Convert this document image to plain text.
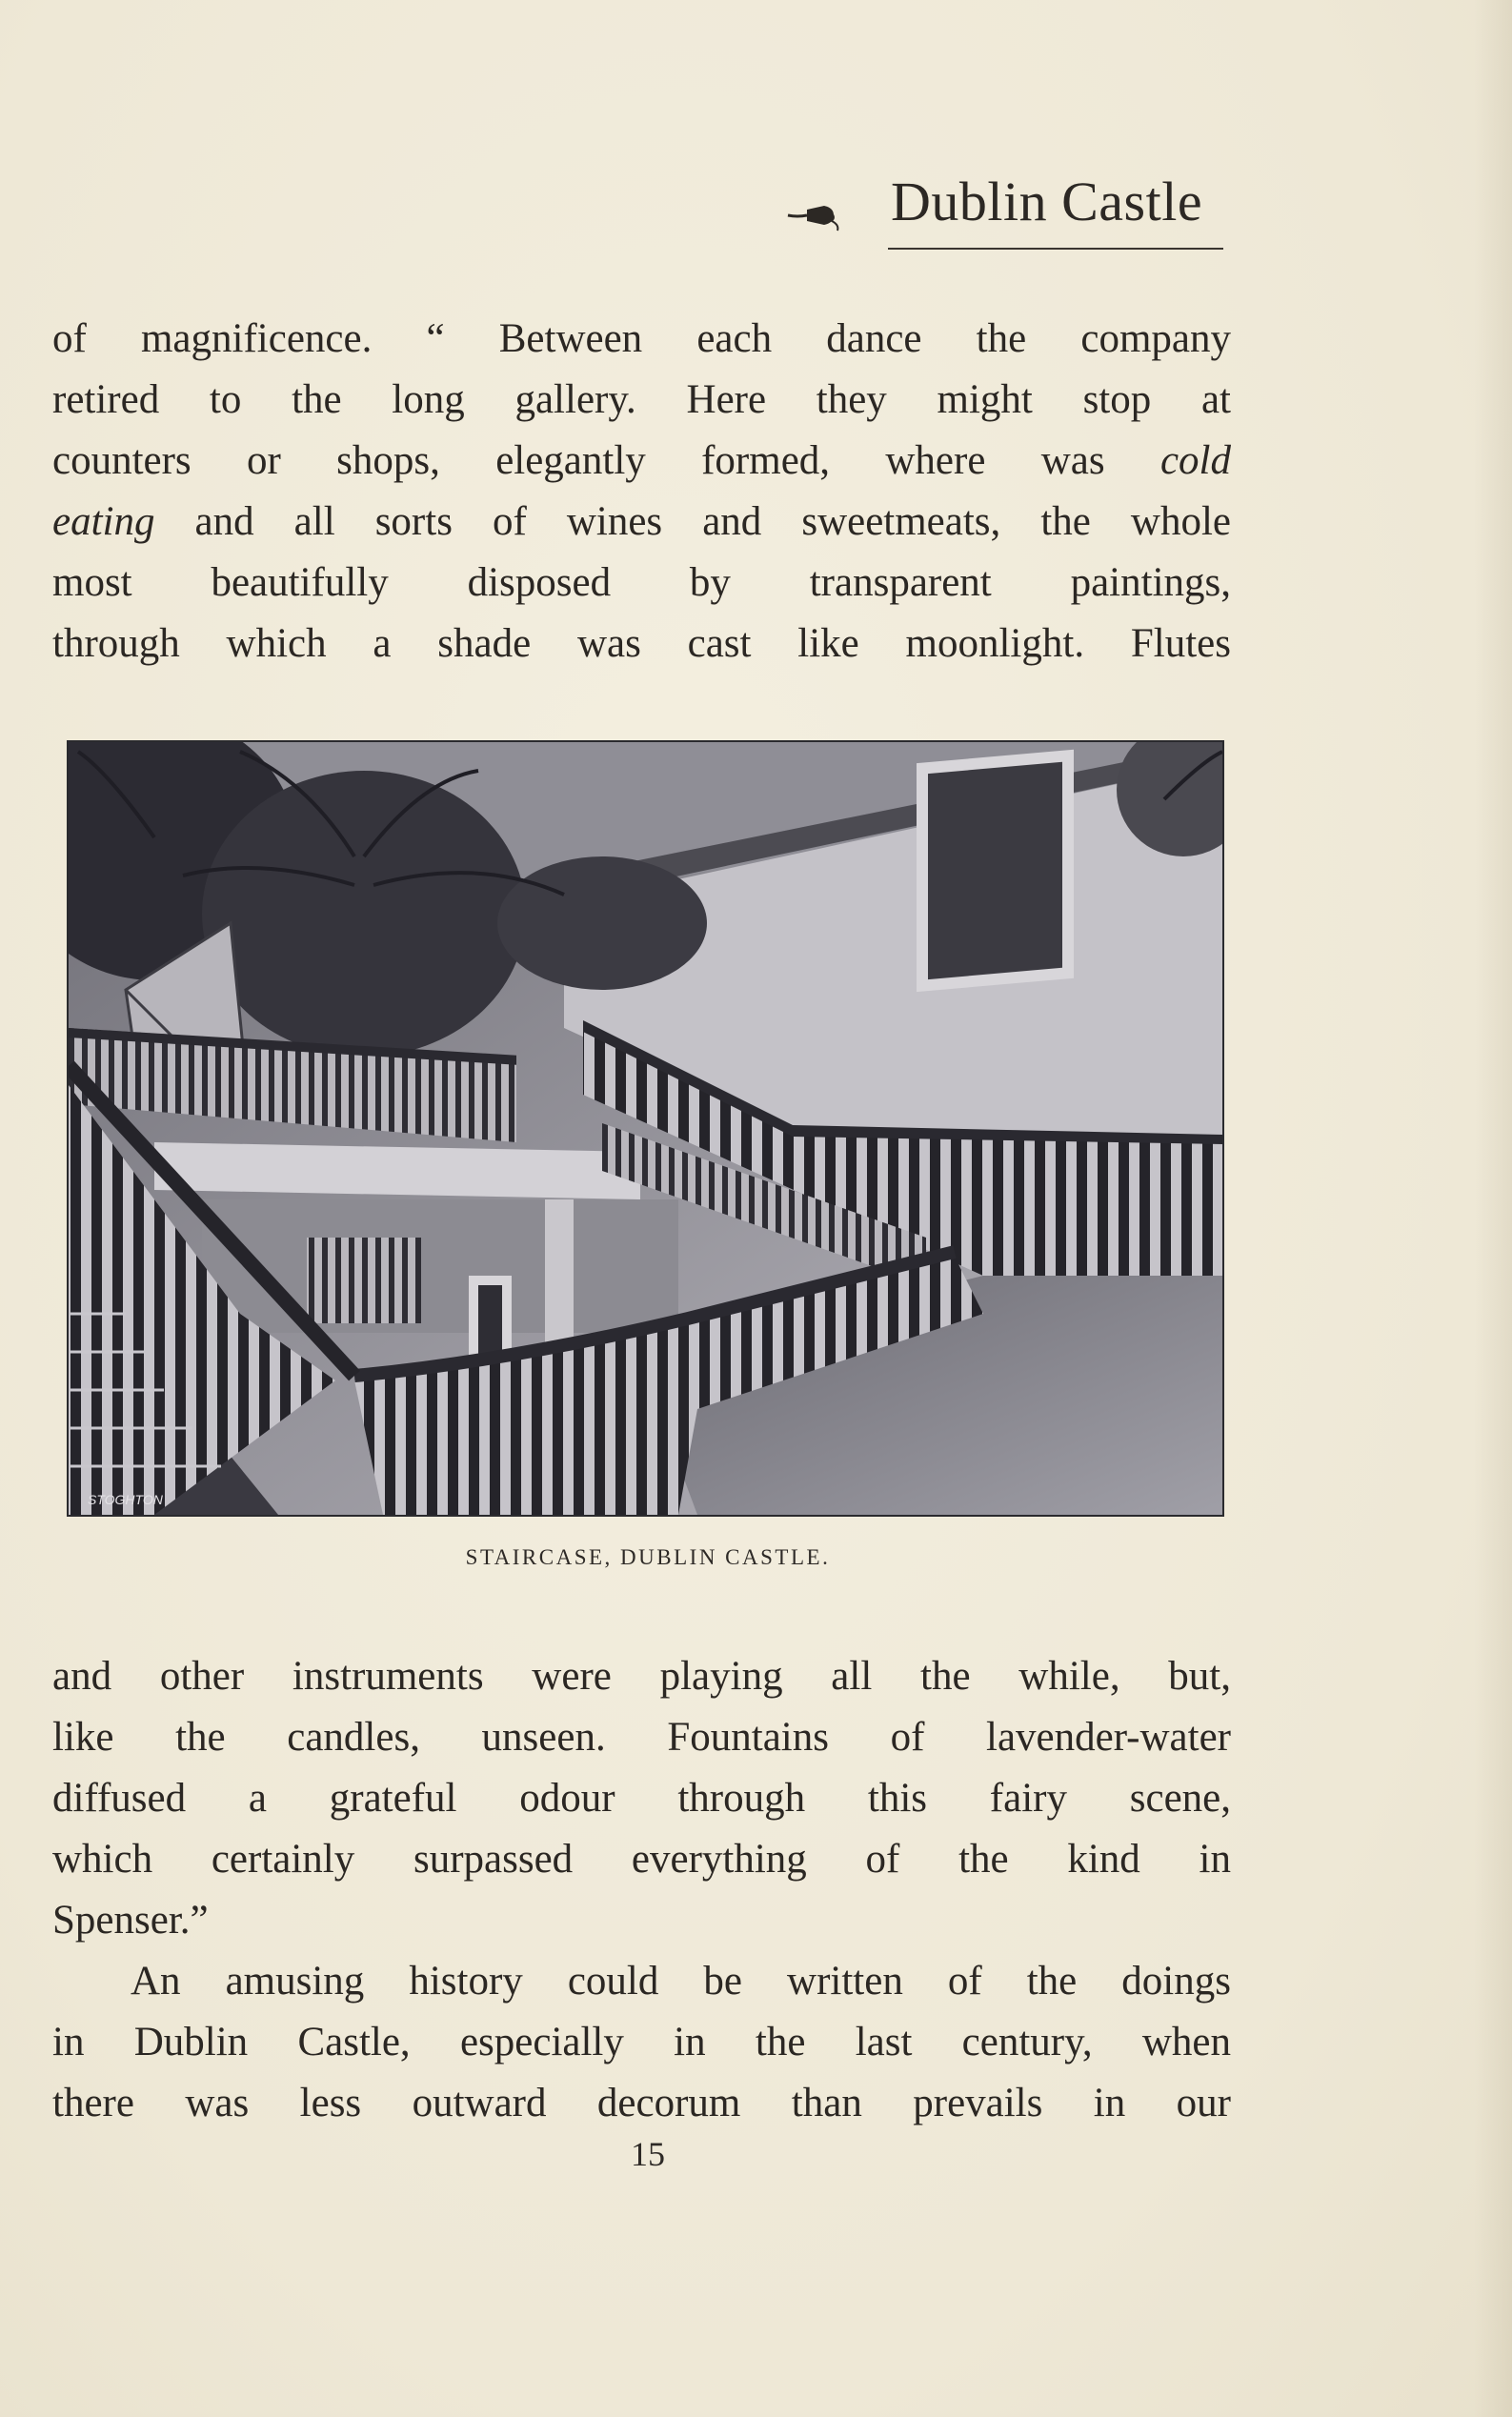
Dublin Castle
of magnificence. “ Between each dance the company
retired to the long gallery. Here they might stop at
counters or shops, elegantly formed, where was cold
eating and all sorts of wines and sweetmeats, the whole
most beautifully disposed by transparent paintings,
through which a shade was cast like moonlight. Flutes
STOGHTON
STAIRCASE, DUBLIN CASTLE.
and other instruments were playing all the while, but,
like the candles, unseen. Fountains of lavender-water
diffused a grateful odour through this fairy scene,
which certainly surpassed everything of the kind in
Spenser.”
An amusing history could be written of the doings
in Dublin Castle, especially in the last century, when
there was less outward decorum than prevails in our
15
